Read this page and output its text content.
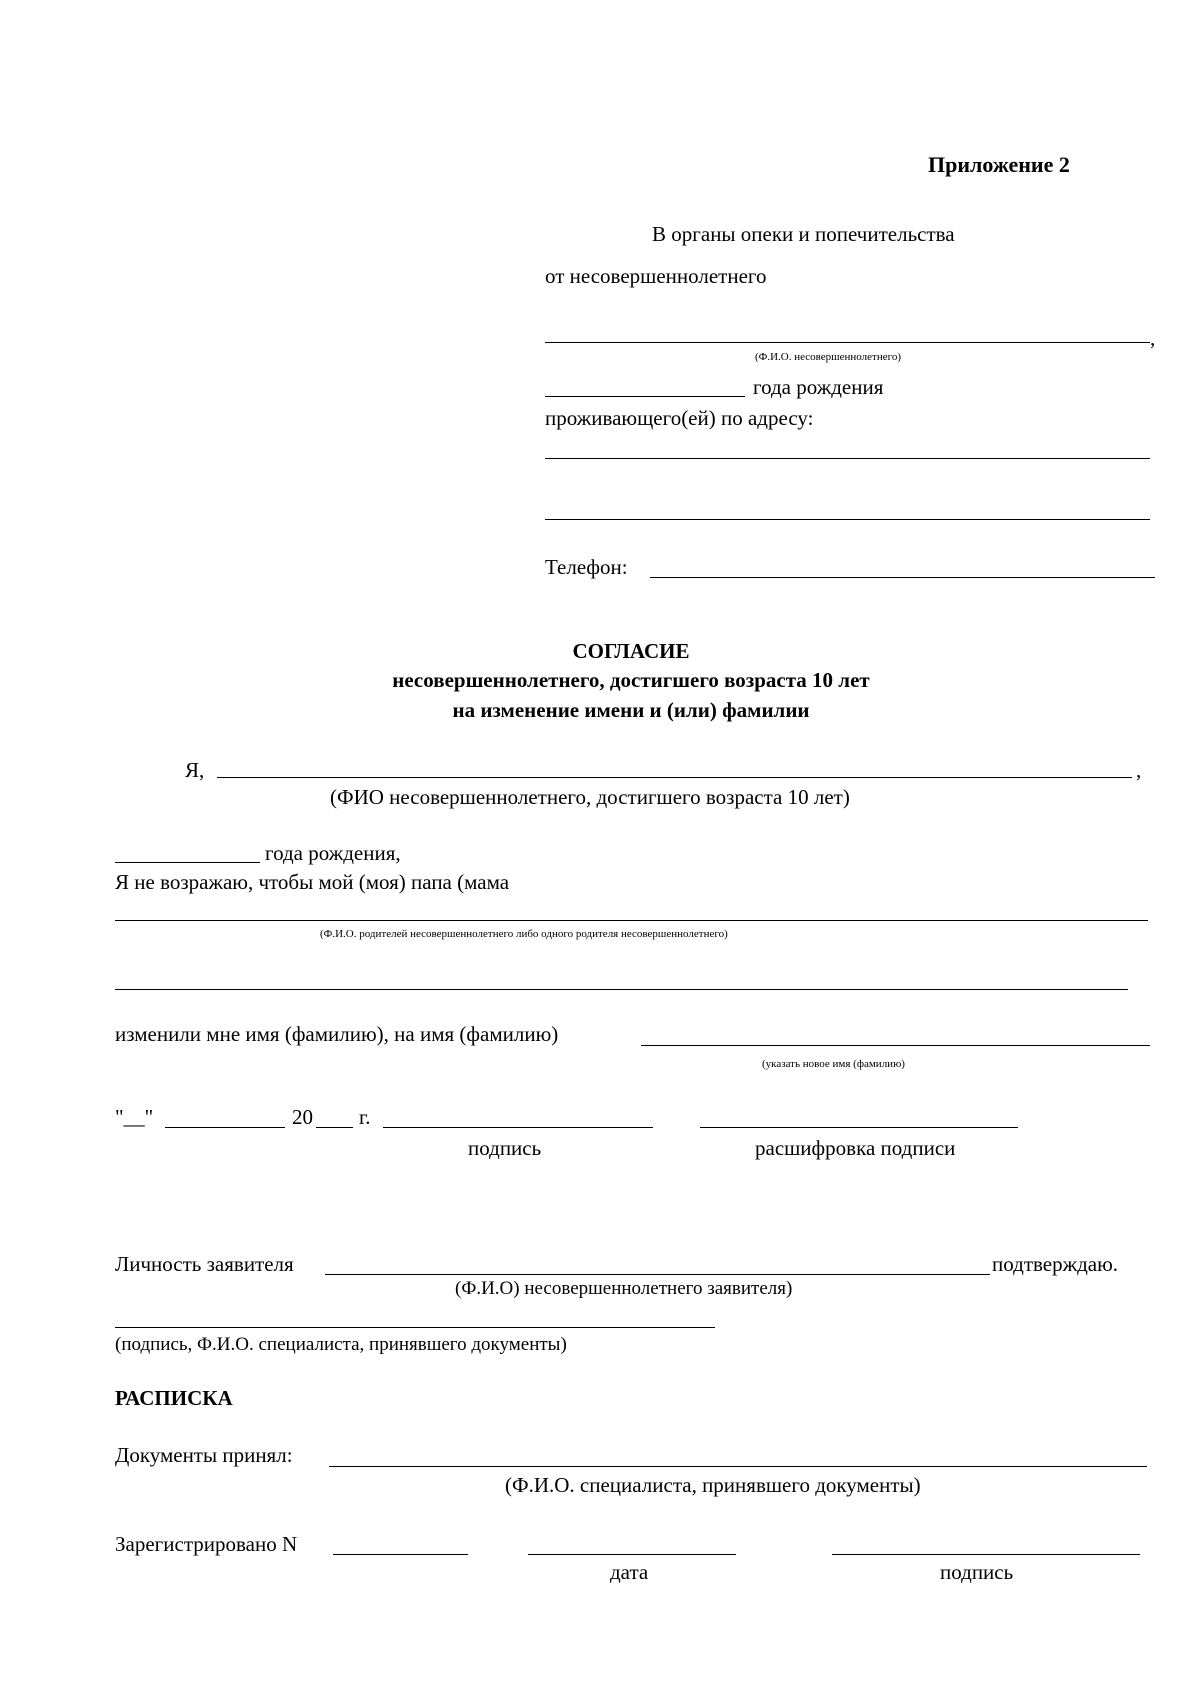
Приложение 2
В органы опеки и попечительства
от несовершеннолетнего
,
(Ф.И.О. несовершеннолетнего)
года рождения
проживающего(ей) по адресу:
Телефон:
СОГЛАСИЕ
несовершеннолетнего, достигшего возраста 10 лет
на изменение имени и (или) фамилии
Я,	,
(ФИО несовершеннолетнего, достигшего возраста 10 лет)
года рождения,
Я не возражаю, чтобы мой (моя) папа (мама
(Ф.И.О. родителей несовершеннолетнего либо одного родителя несовершеннолетнего)
изменили мне имя (фамилию), на имя (фамилию)
(указать новое имя (фамилию)
"__"	20 г.
подпись	расшифровка подписи
Личность заявителя	подтверждаю.
(Ф.И.О) несовершеннолетнего заявителя)
(подпись, Ф.И.О. специалиста, принявшего документы)
РАСПИСКА
Документы принял:
(Ф.И.О. специалиста, принявшего документы)
Зарегистрировано N
дата	подпись
